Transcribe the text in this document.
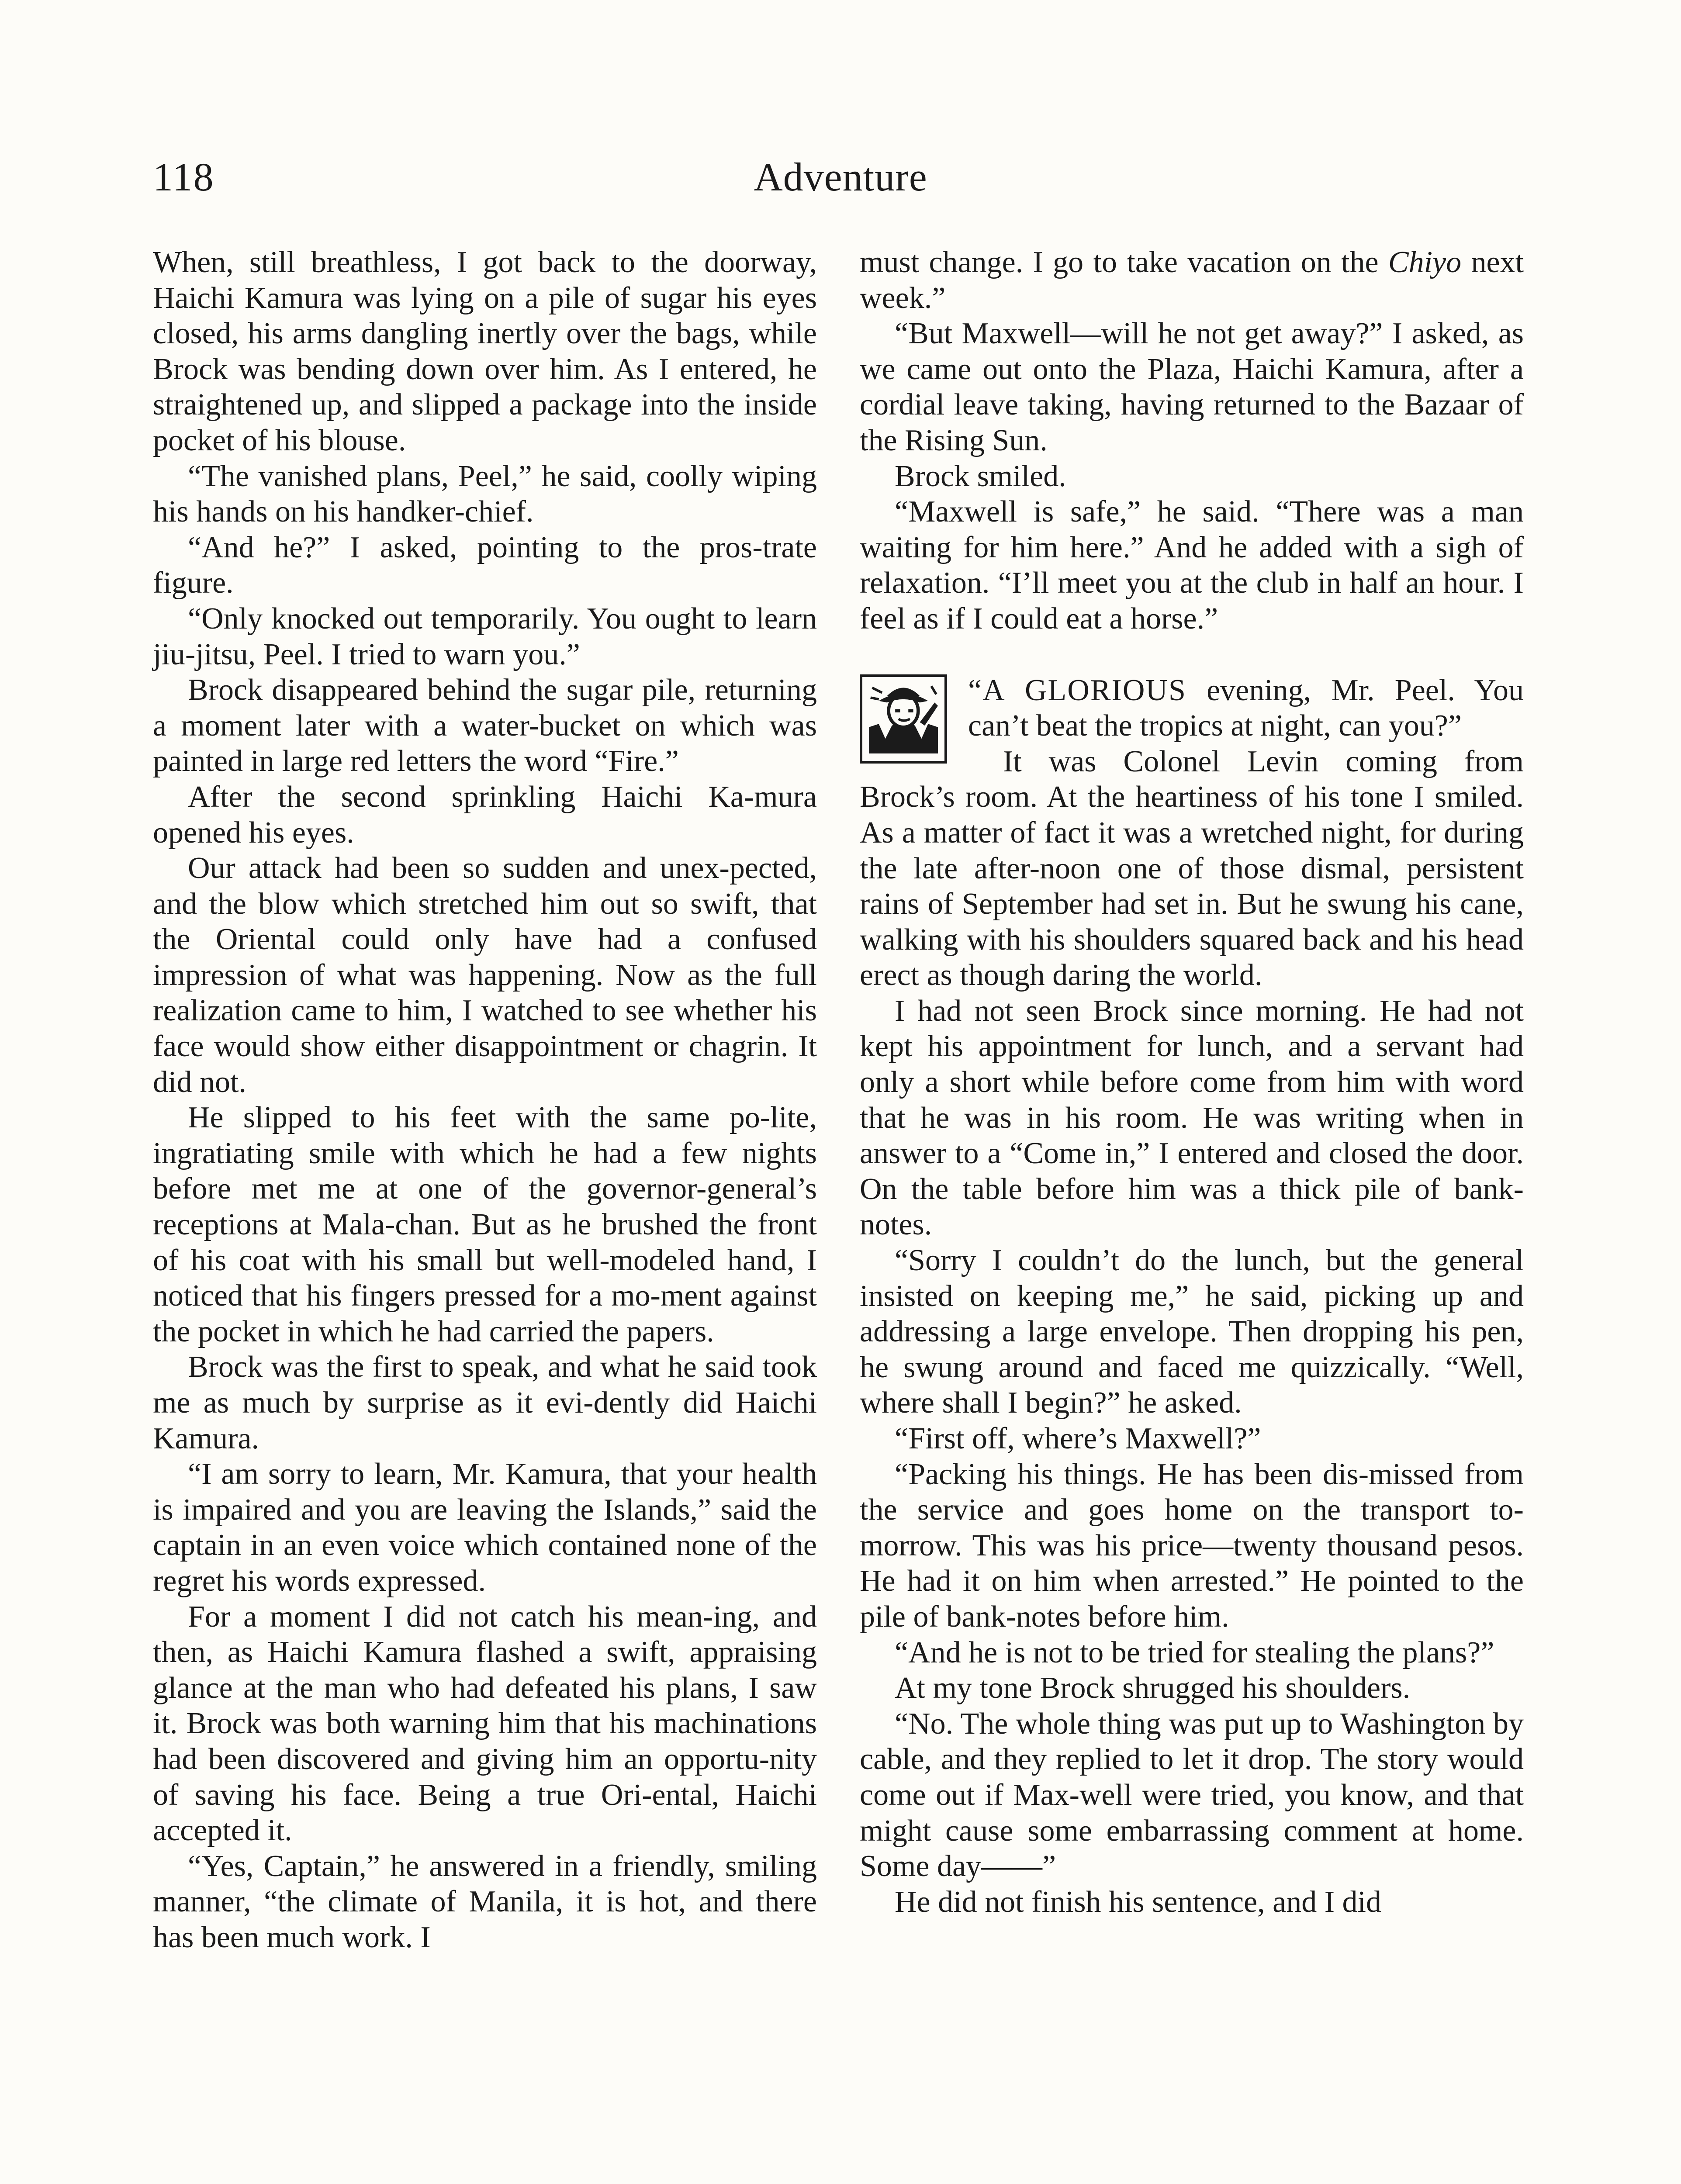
118	Adventure

When, still breathless, I got back to the doorway, Haichi Kamura was lying on a pile of sugar his eyes closed, his arms dangling inertly over the bags, while Brock was bending down over him. As I entered, he straightened up, and slipped a package into the inside pocket of his blouse.

“The vanished plans, Peel,” he said, coolly wiping his hands on his handker-chief.

“And he?” I asked, pointing to the pros-trate figure.

“Only knocked out temporarily. You ought to learn jiu-jitsu, Peel. I tried to warn you.”

Brock disappeared behind the sugar pile, returning a moment later with a water-bucket on which was painted in large red letters the word “Fire.”

After the second sprinkling Haichi Ka-mura opened his eyes.

Our attack had been so sudden and unex-pected, and the blow which stretched him out so swift, that the Oriental could only have had a confused impression of what was happening. Now as the full realization came to him, I watched to see whether his face would show either disappointment or chagrin. It did not.

He slipped to his feet with the same po-lite, ingratiating smile with which he had a few nights before met me at one of the governor-general’s receptions at Mala-chan. But as he brushed the front of his coat with his small but well-modeled hand, I noticed that his fingers pressed for a mo-ment against the pocket in which he had carried the papers.

Brock was the first to speak, and what he said took me as much by surprise as it evi-dently did Haichi Kamura.

“I am sorry to learn, Mr. Kamura, that your health is impaired and you are leaving the Islands,” said the captain in an even voice which contained none of the regret his words expressed.

For a moment I did not catch his mean-ing, and then, as Haichi Kamura flashed a swift, appraising glance at the man who had defeated his plans, I saw it. Brock was both warning him that his machinations had been discovered and giving him an opportu-nity of saving his face. Being a true Ori-ental, Haichi accepted it.

“Yes, Captain,” he answered in a friendly, smiling manner, “the climate of Manila, it is hot, and there has been much work. I

must change. I go to take vacation on the Chiyo next week.”

“But Maxwell—will he not get away?” I asked, as we came out onto the Plaza, Haichi Kamura, after a cordial leave taking, having returned to the Bazaar of the Rising Sun.

Brock smiled.

“Maxwell is safe,” he said. “There was a man waiting for him here.” And he added with a sigh of relaxation. “I’ll meet you at the club in half an hour. I feel as if I could eat a horse.”

“A GLORIOUS evening, Mr. Peel. You can’t beat the tropics at night, can you?”

It was Colonel Levin coming from Brock’s room. At the heartiness of his tone I smiled. As a matter of fact it was a wretched night, for during the late after-noon one of those dismal, persistent rains of September had set in. But he swung his cane, walking with his shoulders squared back and his head erect as though daring the world.

I had not seen Brock since morning. He had not kept his appointment for lunch, and a servant had only a short while before come from him with word that he was in his room. He was writing when in answer to a “Come in,” I entered and closed the door. On the table before him was a thick pile of bank-notes.

“Sorry I couldn’t do the lunch, but the general insisted on keeping me,” he said, picking up and addressing a large envelope. Then dropping his pen, he swung around and faced me quizzically. “Well, where shall I begin?” he asked.

“First off, where’s Maxwell?”

“Packing his things. He has been dis-missed from the service and goes home on the transport to-morrow. This was his price—twenty thousand pesos. He had it on him when arrested.” He pointed to the pile of bank-notes before him.

“And he is not to be tried for stealing the plans?”

At my tone Brock shrugged his shoulders.

“No. The whole thing was put up to Washington by cable, and they replied to let it drop. The story would come out if Max-well were tried, you know, and that might cause some embarrassing comment at home. Some day——”

He did not finish his sentence, and I did
